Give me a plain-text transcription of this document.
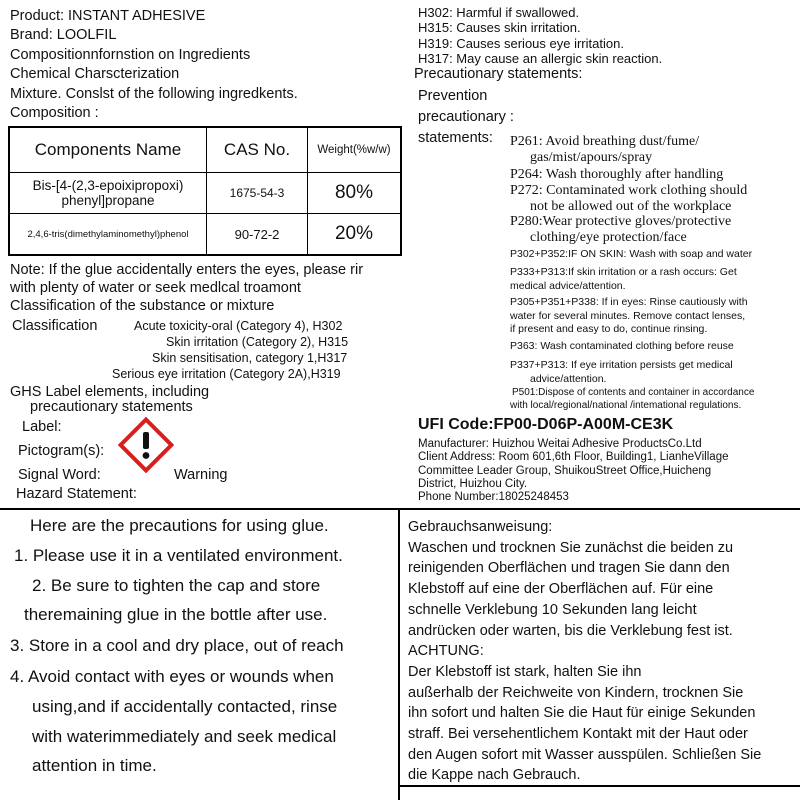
Product: INSTANT ADHESIVE
Brand: LOOLFIL
Compositionnfornstion on Ingredients
Chemical Charscterization
Mixture. Conslst of the following ingredkents.
Composition :
Components Name	CAS No.	Weight(%w/w)

Bis-[4-(2,3-epoixipropoxi)
phenyl]propane	1675-54-3	80%
2,4,6-tris(dimethylaminomethyl)phenol	90-72-2	20%
Note: If the glue accidentally enters the eyes, please rir
with plenty of water or seek medlcal troamont
Classification of the substance or mixture
Classification	Acute toxicity-oral (Category 4), H302
Skin irritation (Category 2), H315
Skin sensitisation, category 1,H317
Serious eye irritation (Category 2A),H319
GHS Label elements, including
precautionary statements
Label:
Pictogram(s):
Signal Word:	Warning
Hazard Statement:
H302: Harmful if swallowed.
H315: Causes skin irritation.
H319: Causes serious eye irritation.
H317: May cause an allergic skin reaction.
Precautionary statements:
Prevention
precautionary :
statements: P261: Avoid breathing dust/fume/
gas/mist/apours/spray
P264: Wash thoroughly after handling
P272: Contaminated work clothing should
not be allowed out of the workplace
P280:Wear protective gloves/protective
clothing/eye protection/face
P302+P352:IF ON SKIN: Wash with soap and water
P333+P313:If skin irritation or a rash occurs: Get
medical advice/attention.
P305+P351+P338: If in eyes: Rinse cautiously with
water for several minutes. Remove contact lenses,
if present and easy to do, continue rinsing.
P363: Wash contaminated clothing before reuse
P337+P313: If eye irritation persists get medical
advice/attention.
P501:Dispose of contents and container in accordance
with local/regional/national /intemational regulations.
UFI Code:FP00-D06P-A00M-CE3K
Manufacturer: Huizhou Weitai Adhesive ProductsCo.Ltd
Client Address: Room 601,6th Floor, Building1, LianheVillage
Committee Leader Group, ShuikouStreet Office,Huicheng
District, Huizhou City.
Phone Number:18025248453
Here are the precautions for using glue.
1. Please use it in a ventilated environment.
2. Be sure to tighten the cap and store
theremaining glue in the bottle after use.
3. Store in a cool and dry place, out of reach
4. Avoid contact with eyes or wounds when
using,and if accidentally contacted, rinse
with waterimmediately and seek medical
attention in time.
Gebrauchsanweisung:
Waschen und trocknen Sie zunächst die beiden zu
reinigenden Oberflächen und tragen Sie dann den
Klebstoff auf eine der Oberflächen auf. Für eine
schnelle Verklebung 10 Sekunden lang leicht
andrücken oder warten, bis die Verklebung fest ist.
ACHTUNG:
Der Klebstoff ist stark, halten Sie ihn
außerhalb der Reichweite von Kindern, trocknen Sie
ihn sofort und halten Sie die Haut für einige Sekunden
straff. Bei versehentlichem Kontakt mit der Haut oder
den Augen sofort mit Wasser ausspülen. Schließen Sie
die Kappe nach Gebrauch.
